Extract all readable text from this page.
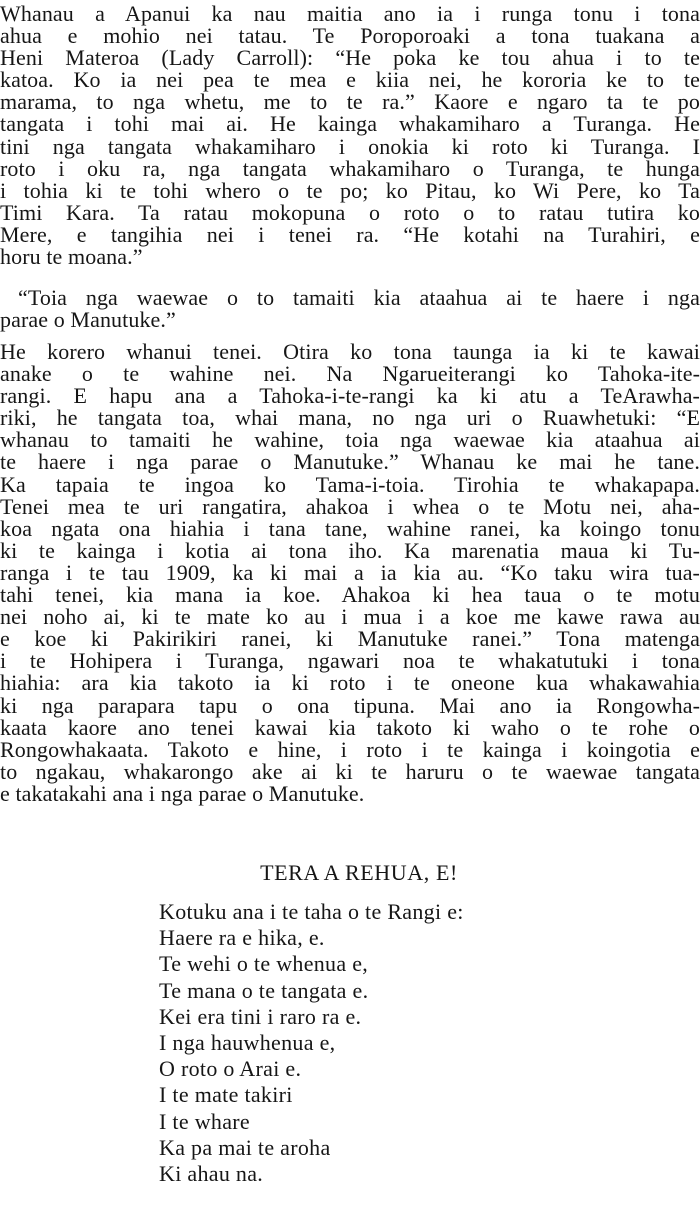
Whanau a Apanui ka nau maitia ano ia i runga tonu i tona
ahua e mohio nei tatau. Te Poroporoaki a tona tuakana a
Heni Materoa (Lady Carroll): “He poka ke tou ahua i to te
katoa. Ko ia nei pea te mea e kiia nei, he kororia ke to te
marama, to nga whetu, me to te ra.” Kaore e ngaro ta te po
tangata i tohi mai ai. He kainga whakamiharo a Turanga. He
tini nga tangata whakamiharo i onokia ki roto ki Turanga. I
roto i oku ra, nga tangata whakamiharo o Turanga, te hunga
i tohia ki te tohi whero o te po; ko Pitau, ko Wi Pere, ko Ta
Timi Kara. Ta ratau mokopuna o roto o to ratau tutira ko
Mere, e tangihia nei i tenei ra. “He kotahi na Turahiri, e
horu te moana.”
“Toia nga waewae o to tamaiti kia ataahua ai te haere i nga
parae o Manutuke.”
He korero whanui tenei. Otira ko tona taunga ia ki te kawai
anake o te wahine nei. Na Ngarueiterangi ko Tahoka-ite-
rangi. E hapu ana a Tahoka-i-te-rangi ka ki atu a TeArawha-
riki, he tangata toa, whai mana, no nga uri o Ruawhetuki: “E
whanau to tamaiti he wahine, toia nga waewae kia ataahua ai
te haere i nga parae o Manutuke.” Whanau ke mai he tane.
Ka tapaia te ingoa ko Tama-i-toia. Tirohia te whakapapa.
Tenei mea te uri rangatira, ahakoa i whea o te Motu nei, aha-
koa ngata ona hiahia i tana tane, wahine ranei, ka koingo tonu
ki te kainga i kotia ai tona iho. Ka marenatia maua ki Tu-
ranga i te tau 1909, ka ki mai a ia kia au. “Ko taku wira tua-
tahi tenei, kia mana ia koe. Ahakoa ki hea taua o te motu
nei noho ai, ki te mate ko au i mua i a koe me kawe rawa au
e koe ki Pakirikiri ranei, ki Manutuke ranei.” Tona matenga
i te Hohipera i Turanga, ngawari noa te whakatutuki i tona
hiahia: ara kia takoto ia ki roto i te oneone kua whakawahia
ki nga parapara tapu o ona tipuna. Mai ano ia Rongowha-
kaata kaore ano tenei kawai kia takoto ki waho o te rohe o
Rongowhakaata. Takoto e hine, i roto i te kainga i koingotia e
to ngakau, whakarongo ake ai ki te haruru o te waewae tangata
e takatakahi ana i nga parae o Manutuke.
TERA A REHUA, E!
Kotuku ana i te taha o te Rangi e:
Haere ra e hika, e.
Te wehi o te whenua e,
Te mana o te tangata e.
Kei era tini i raro ra e.
I nga hauwhenua e,
O roto o Arai e.
I te mate takiri
I te whare
Ka pa mai te aroha
Ki ahau na.
